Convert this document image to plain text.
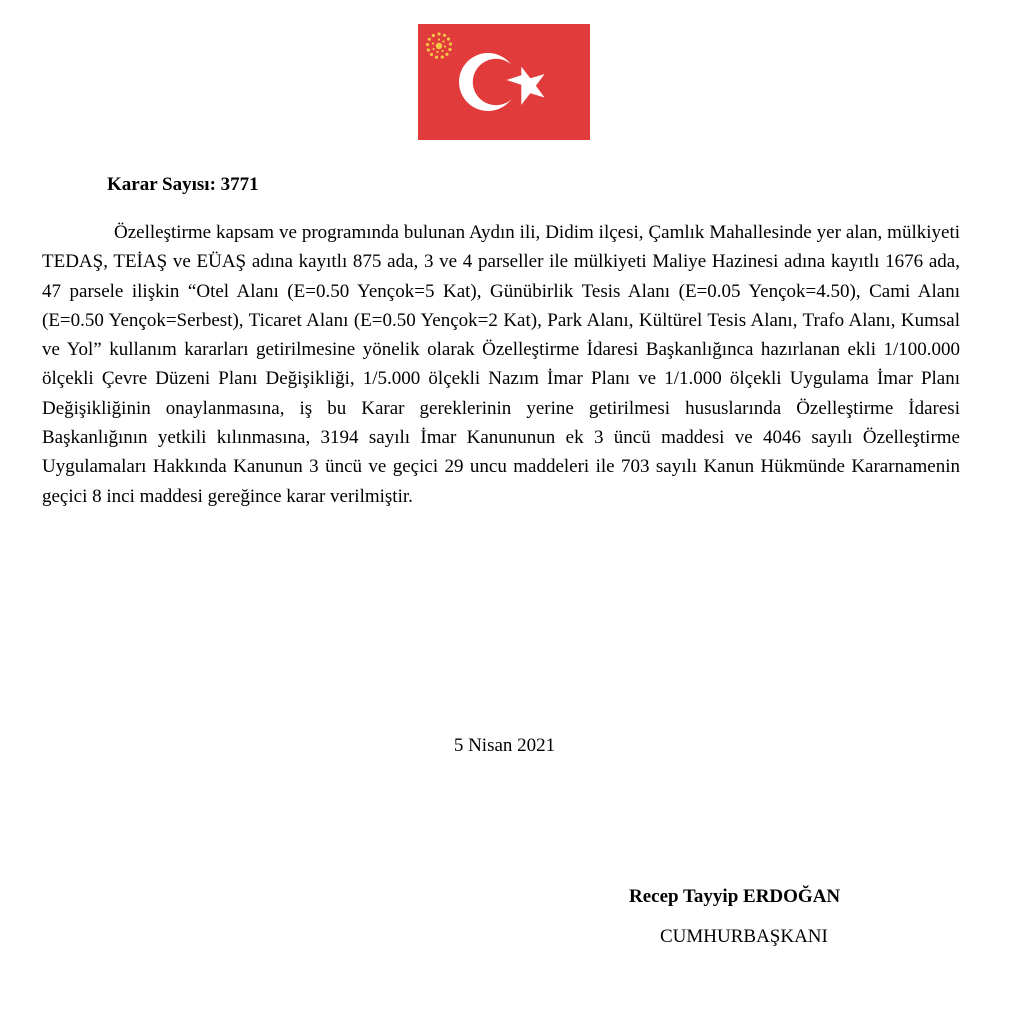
Karar Sayısı: 3771

Özelleştirme kapsam ve programında bulunan Aydın ili, Didim ilçesi, Çamlık Mahallesinde yer alan, mülkiyeti TEDAŞ, TEİAŞ ve EÜAŞ adına kayıtlı 875 ada, 3 ve 4 parseller ile mülkiyeti Maliye Hazinesi adına kayıtlı 1676 ada, 47 parsele ilişkin “Otel Alanı (E=0.50 Yençok=5 Kat), Günübirlik Tesis Alanı (E=0.05 Yençok=4.50), Cami Alanı (E=0.50 Yençok=Serbest), Ticaret Alanı (E=0.50 Yençok=2 Kat), Park Alanı, Kültürel Tesis Alanı, Trafo Alanı, Kumsal ve Yol” kullanım kararları getirilmesine yönelik olarak Özelleştirme İdaresi Başkanlığınca hazırlanan ekli 1/100.000 ölçekli Çevre Düzeni Planı Değişikliği, 1/5.000 ölçekli Nazım İmar Planı ve 1/1.000 ölçekli Uygulama İmar Planı Değişikliğinin onaylanmasına, iş bu Karar gereklerinin yerine getirilmesi hususlarında Özelleştirme İdaresi Başkanlığının yetkili kılınmasına, 3194 sayılı İmar Kanununun ek 3 üncü maddesi ve 4046 sayılı Özelleştirme Uygulamaları Hakkında Kanunun 3 üncü ve geçici 29 uncu maddeleri ile 703 sayılı Kanun Hükmünde Kararnamenin geçici 8 inci maddesi gereğince karar verilmiştir.

5 Nisan 2021
Recep Tayyip ERDOĞAN
CUMHURBAŞKANI
